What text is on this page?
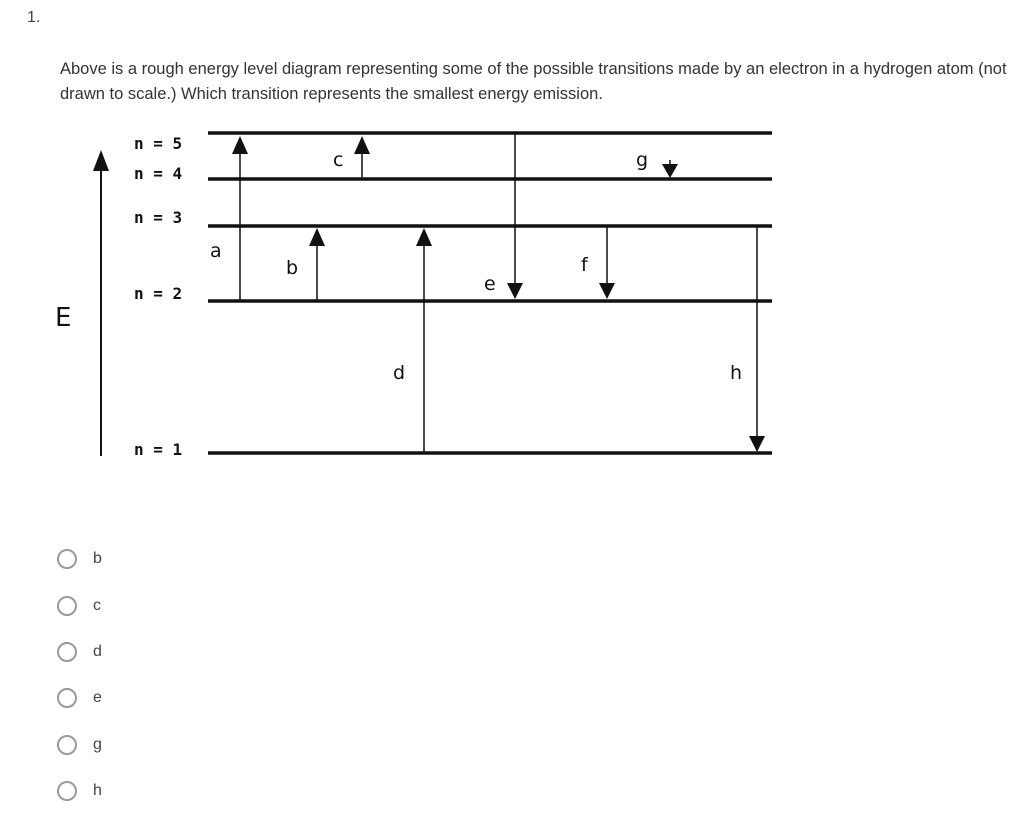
1.
Above is a rough energy level diagram representing some of the possible transitions made by an electron in a hydrogen atom (not drawn to scale.) Which transition represents the smallest energy emission.
E
n = 5
n = 4
n = 3
n = 2
n = 1
a
b
c
d
e
f
g
h
b
c
d
e
g
h
